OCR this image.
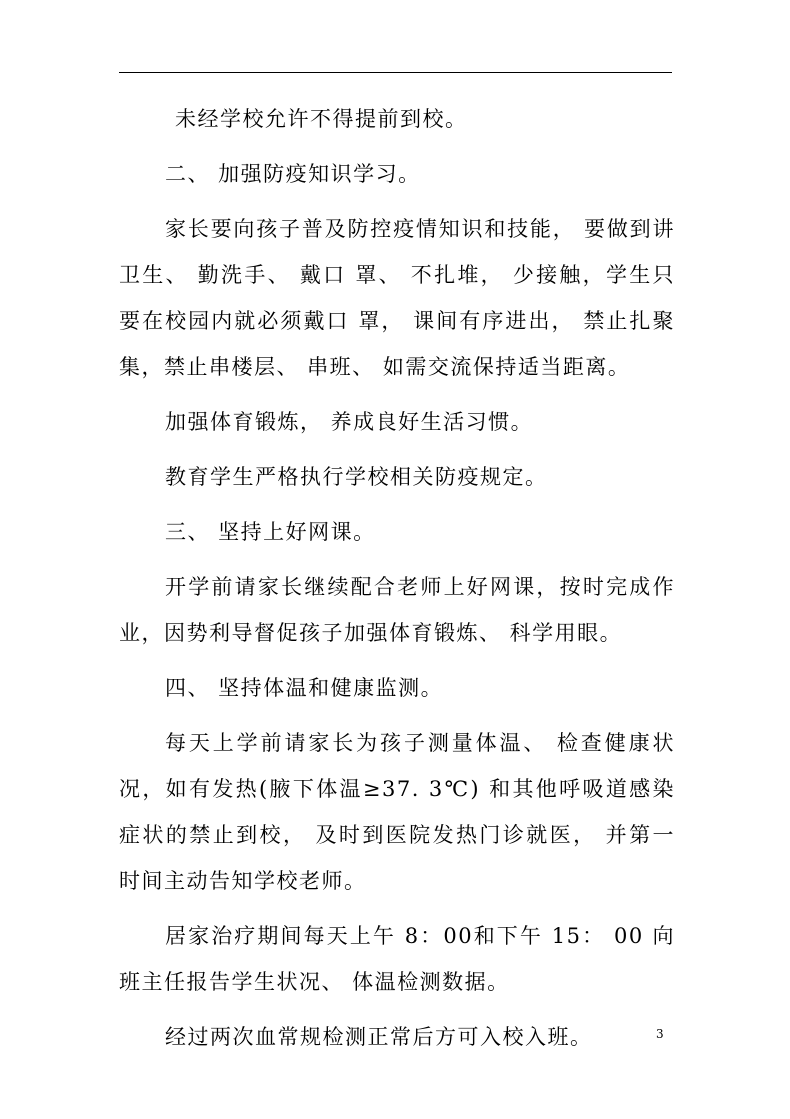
未经学校允许不得提前到校。

二、 加强防疫知识学习。

家长要向孩子普及防控疫情知识和技能， 要做到讲卫生、 勤洗手、 戴口 罩、 不扎堆， 少接触，学生只要在校园内就必须戴口 罩， 课间有序进出， 禁止扎聚集，禁止串楼层、 串班、 如需交流保持适当距离。

加强体育锻炼， 养成良好生活习惯。

教育学生严格执行学校相关防疫规定。

三、 坚持上好网课。

开学前请家长继续配合老师上好网课，按时完成作业，因势利导督促孩子加强体育锻炼、 科学用眼。

四、 坚持体温和健康监测。

每天上学前请家长为孩子测量体温、 检查健康状况，如有发热(腋下体温≥37. 3℃) 和其他呼吸道感染症状的禁止到校， 及时到医院发热门诊就医， 并第一时间主动告知学校老师。

居家治疗期间每天上午 8：00和下午 15： 00 向班主任报告学生状况、 体温检测数据。

经过两次血常规检测正常后方可入校入班。	3
